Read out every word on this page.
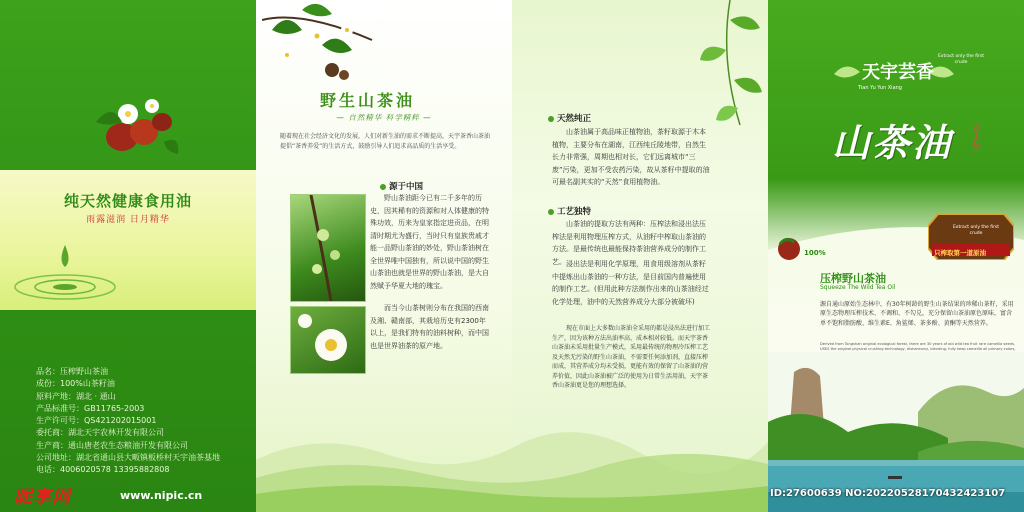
纯天然健康食用油
雨露滋润 日月精华
品名：压榨野山茶油
成份：100%山茶籽油
原料产地：湖北 · 通山
产品标准号：GB11765-2003
生产许可号：QS421202015001
委托商：湖北天宇农林开发有限公司
生产商：通山唐老农生态粮油开发有限公司
公司地址：湖北省通山县大畈镇板桥村天宇油茶基地
电话：4006020578 13395882808
昵享网	www.nipic.cn
野生山茶油
— 自然精华 科学精粹 —
随着现在社会经济文化的发展，人们对新生油的需求不断提高，天宇茶香山茶油提倡“茶香养爱”的生活方式，鼓励引导人们追求高品质的生活享受。
源于中国
野山茶油距今已有二千多年的历史，因其稀有的资源和对人体健康的特殊功效，历来为皇家指定进贡品，在明清时期尤为盛行，当时只有皇族贵戚才能一品野山茶油的妙处，野山茶油树在全世界唯中国独有，所以说中国的野生山茶油也就是世界的野山茶油，是大自然赋予华夏大地的瑰宝。
而当今山茶树则分布在我国的西南及湘、赣南部，其栽培历史有2300年以上，是我们特有的油料树种，而中国也是世界油茶的原产地。
天然纯正
山茶油属于高品味正植物油，茶籽取源于木本植物，主要分布在湖南，江西纯丘陵地带，自然生长力非常强，周期也相对长，它们远离城市“三废”污染，更加不受农药污染，故从茶籽中提取的油可最名副其实的“天然”食用植物油。
工艺独特
山茶油的提取方法有两种：压榨法和浸出法压榨法是利用物理压榨方式，从油籽中榨取山茶油的方法。是最传统也最能保持茶油营养成分的制作工艺。 浸出法是利用化学原理，用食用级溶剂从茶籽中提炼出山茶油的一种方法，是目前国内普遍使用的制作工艺。(但用此种方法制作出来的山茶油经过化学处理，油中的天然营养成分大部分被破坏)
现在市面上大多数山茶油全采用的都是浸出法进行加工生产，因为该种方法出油率高、成本相对较低。而天宇茶香山茶油未采用批量生产模式，采用最传统的物理冷压榨工艺及天然无污染的野生山茶油，不需要任何添加剂，直接压榨而成，其营养成分均未受损，更能有效的保留了山茶油的营养价值，因此山茶油被广泛的使用为日常生活用油，天宇茶香山茶油更是您的理想选择。
天宇芸香
Tian Yu Yun Xiang
Extract only the first crude
山茶油	通山特产
Extract only the first crude
只榨取第一道原油
100%
压榨野山茶油
Squeeze The Wild Tea Oil
源自通山原始生态林中，有30年树龄的野生山茶结果的珍稀山茶籽，采用原生态物理压榨技术、不调和、不勾兑，充分保留山茶油原色原味，富含单不饱和脂肪酸、维生素E、角鲨烯、茶多酚、黄酮等天然营养。
Derived from Tongshan original ecological forest, there are 30 years of old wild tea fruit rare camellia seeds, USES the original physical crushing technology, disharmony, blending, fully keep camellia oil primary colors,
ID:27600639 NO:20220528170432423107
